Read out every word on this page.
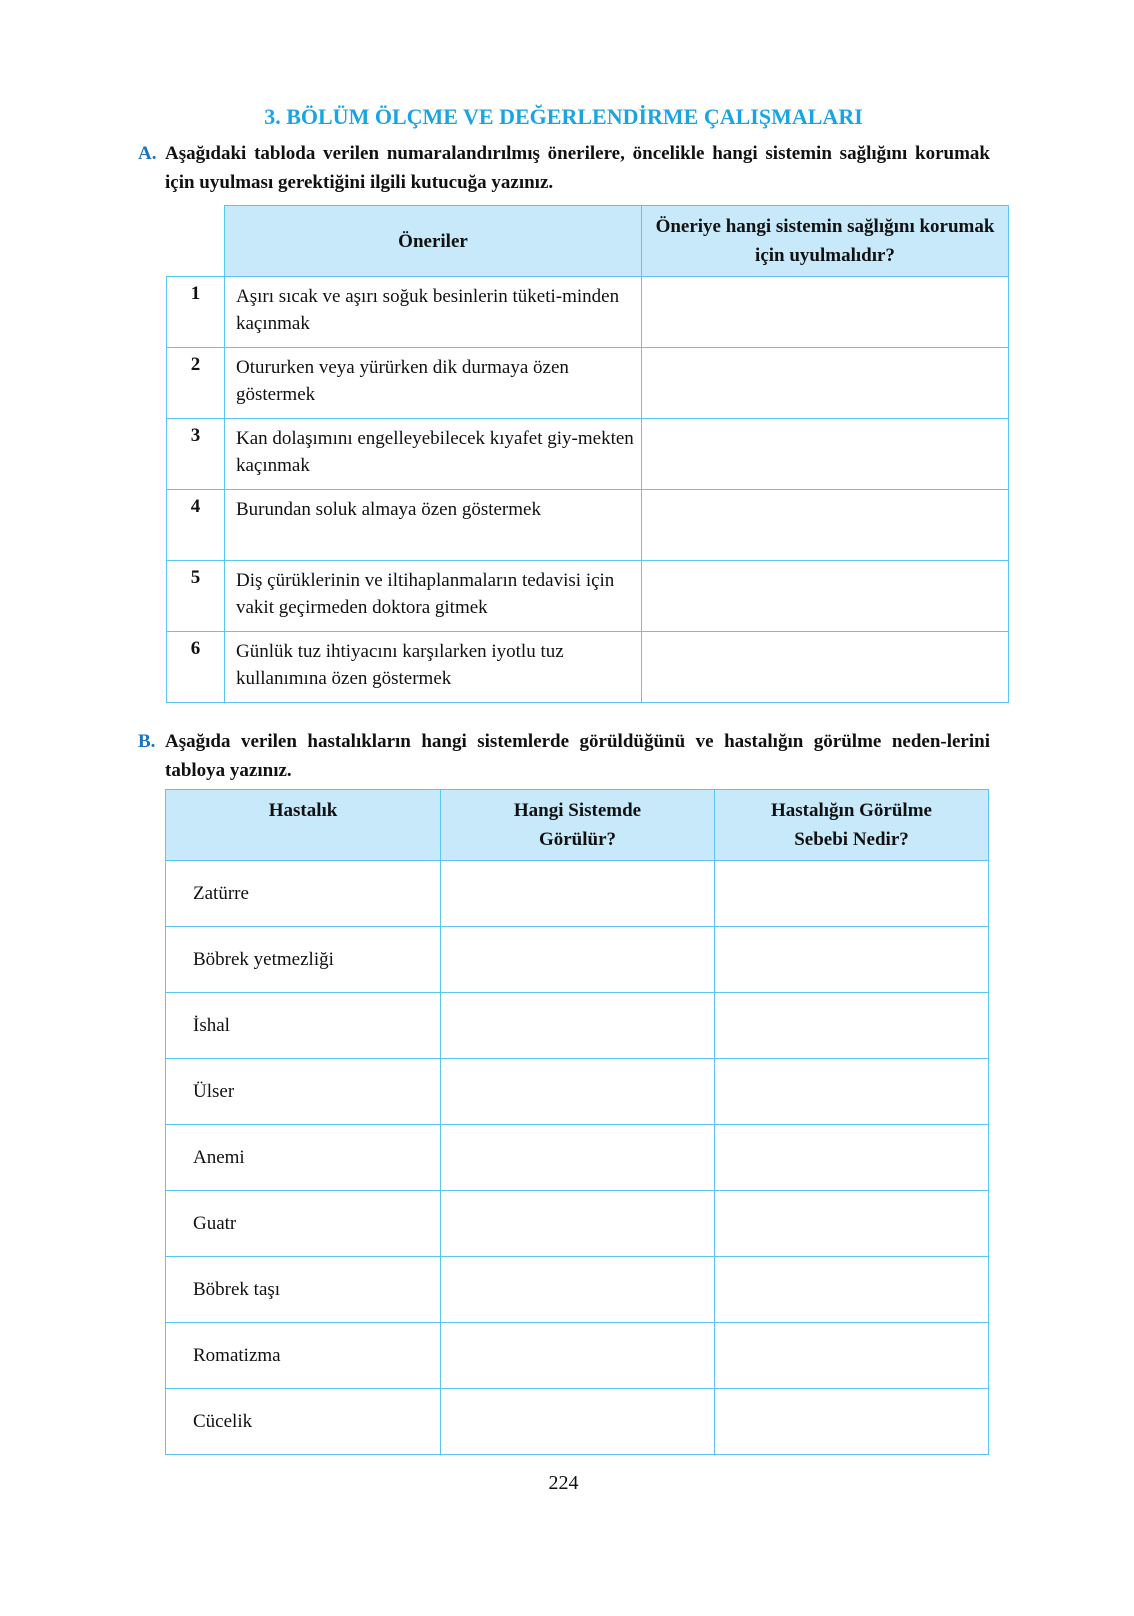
3. BÖLÜM ÖLÇME VE DEĞERLENDİRME ÇALIŞMALARI
A. Aşağıdaki tabloda verilen numaralandırılmış önerilere, öncelikle hangi sistemin sağlığını korumak için uyulması gerektiğini ilgili kutucuğa yazınız.
	Öneriler	Öneriye hangi sistemin sağlığını korumak için uyulmalıdır?
1	Aşırı sıcak ve aşırı soğuk besinlerin tüketi-minden kaçınmak	
2	Otururken veya yürürken dik durmaya özen göstermek	
3	Kan dolaşımını engelleyebilecek kıyafet giy-mekten kaçınmak	
4	Burundan soluk almaya özen göstermek	
5	Diş çürüklerinin ve iltihaplanmaların tedavisi için vakit geçirmeden doktora gitmek	
6	Günlük tuz ihtiyacını karşılarken iyotlu tuz kullanımına özen göstermek	
B. Aşağıda verilen hastalıkların hangi sistemlerde görüldüğünü ve hastalığın görülme neden-lerini tabloya yazınız.
Hastalık	Hangi Sistemde Görülür?	Hastalığın Görülme Sebebi Nedir?
Zatürre		
Böbrek yetmezliği		
İshal		
Ülser		
Anemi		
Guatr		
Böbrek taşı		
Romatizma		
Cücelik		
224
